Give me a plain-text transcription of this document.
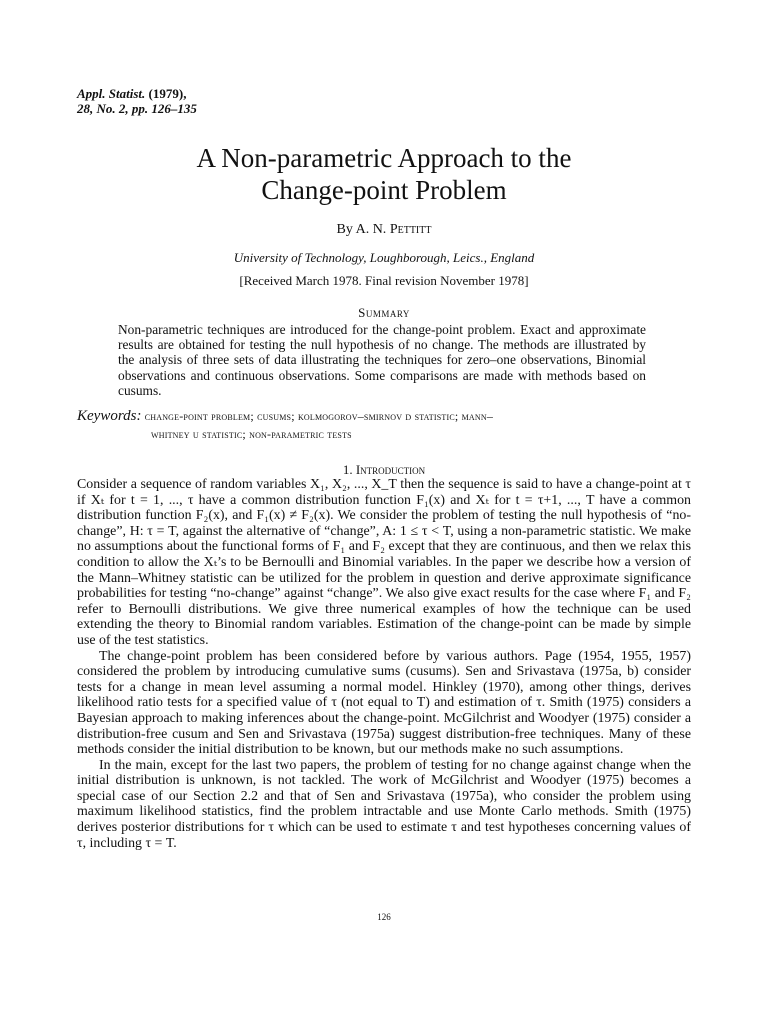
Appl. Statist. (1979),
28, No. 2, pp. 126–135
A Non-parametric Approach to the
Change-point Problem
By A. N. Pettitt
University of Technology, Loughborough, Leics., England
[Received March 1978. Final revision November 1978]
Summary
Non-parametric techniques are introduced for the change-point problem. Exact and approximate results are obtained for testing the null hypothesis of no change. The methods are illustrated by the analysis of three sets of data illustrating the techniques for zero–one observations, Binomial observations and continuous observations. Some comparisons are made with methods based on cusums.
Keywords: change-point problem; cusums; kolmogorov–smirnov d statistic; mann–
whitney u statistic; non-parametric tests
1. Introduction

Consider a sequence of random variables X₁, X₂, ..., X_T then the sequence is said to have a change-point at τ if Xₜ for t = 1, ..., τ have a common distribution function F₁(x) and Xₜ for t = τ+1, ..., T have a common distribution function F₂(x), and F₁(x) ≠ F₂(x). We consider the problem of testing the null hypothesis of “no-change”, H: τ = T, against the alternative of “change”, A: 1 ≤ τ < T, using a non-parametric statistic. We make no assumptions about the functional forms of F₁ and F₂ except that they are continuous, and then we relax this condition to allow the Xₜ’s to be Bernoulli and Binomial variables. In the paper we describe how a version of the Mann–Whitney statistic can be utilized for the problem in question and derive approximate significance probabilities for testing “no-change” against “change”. We also give exact results for the case where F₁ and F₂ refer to Bernoulli distributions. We give three numerical examples of how the technique can be used extending the theory to Binomial random variables. Estimation of the change-point can be made by simple use of the test statistics.

The change-point problem has been considered before by various authors. Page (1954, 1955, 1957) considered the problem by introducing cumulative sums (cusums). Sen and Srivastava (1975a, b) consider tests for a change in mean level assuming a normal model. Hinkley (1970), among other things, derives likelihood ratio tests for a specified value of τ (not equal to T) and estimation of τ. Smith (1975) considers a Bayesian approach to making inferences about the change-point. McGilchrist and Woodyer (1975) consider a distribution-free cusum and Sen and Srivastava (1975a) suggest distribution-free techniques. Many of these methods consider the initial distribution to be known, but our methods make no such assumptions.

In the main, except for the last two papers, the problem of testing for no change against change when the initial distribution is unknown, is not tackled. The work of McGilchrist and Woodyer (1975) becomes a special case of our Section 2.2 and that of Sen and Srivastava (1975a), who consider the problem using maximum likelihood statistics, find the problem intractable and use Monte Carlo methods. Smith (1975) derives posterior distributions for τ which can be used to estimate τ and test hypotheses concerning values of τ, including τ = T.

126
